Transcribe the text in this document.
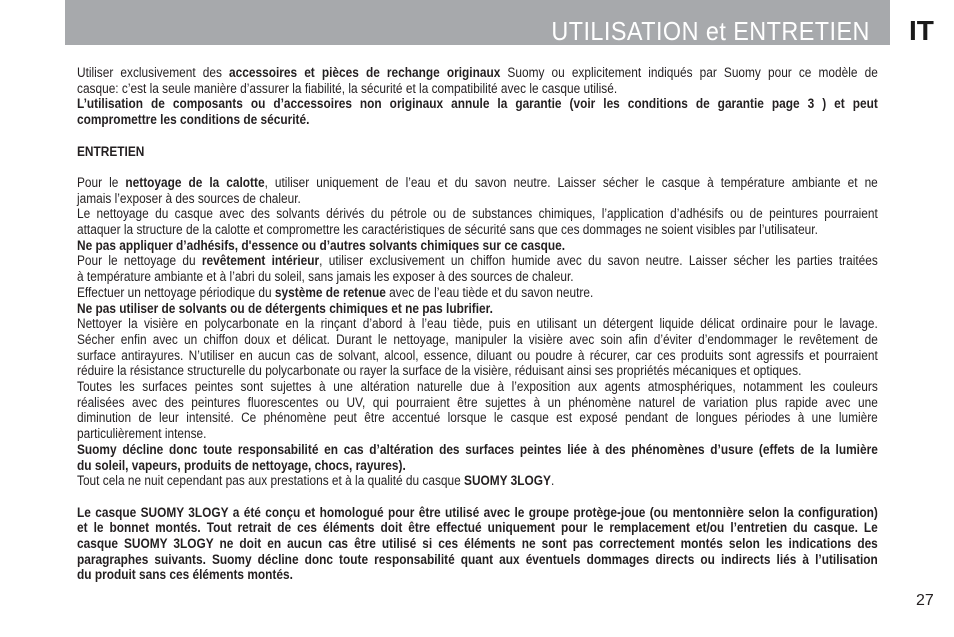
UTILISATION et ENTRETIEN IT
Utiliser exclusivement des accessoires et pièces de rechange originaux Suomy ou explicitement indiqués par Suomy pour ce modèle de
casque: c’est la seule manière d’assurer la fiabilité, la sécurité et la compatibilité avec le casque utilisé.
L’utilisation de composants ou d’accessoires non originaux annule la garantie (voir les conditions de garantie page 3 ) et peut
compromettre les conditions de sécurité.
ENTRETIEN
Pour le nettoyage de la calotte, utiliser uniquement de l’eau et du savon neutre. Laisser sécher le casque à température ambiante et ne
jamais l’exposer à des sources de chaleur.
Le nettoyage du casque avec des solvants dérivés du pétrole ou de substances chimiques, l’application d’adhésifs ou de peintures pourraient
attaquer la structure de la calotte et compromettre les caractéristiques de sécurité sans que ces dommages ne soient visibles par l’utilisateur.
Ne pas appliquer d’adhésifs, d'essence ou d’autres solvants chimiques sur ce casque.
Pour le nettoyage du revêtement intérieur, utiliser exclusivement un chiffon humide avec du savon neutre. Laisser sécher les parties traitées
à température ambiante et à l’abri du soleil, sans jamais les exposer à des sources de chaleur.
Effectuer un nettoyage périodique du système de retenue avec de l’eau tiède et du savon neutre.
Ne pas utiliser de solvants ou de détergents chimiques et ne pas lubrifier.
Nettoyer la visière en polycarbonate en la rinçant d’abord à l’eau tiède, puis en utilisant un détergent liquide délicat ordinaire pour le lavage.
Sécher enfin avec un chiffon doux et délicat. Durant le nettoyage, manipuler la visière avec soin afin d’éviter d’endommager le revêtement de
surface antirayures. N’utiliser en aucun cas de solvant, alcool, essence, diluant ou poudre à récurer, car ces produits sont agressifs et pourraient
réduire la résistance structurelle du polycarbonate ou rayer la surface de la visière, réduisant ainsi ses propriétés mécaniques et optiques.
Toutes les surfaces peintes sont sujettes à une altération naturelle due à l’exposition aux agents atmosphériques, notamment les couleurs
réalisées avec des peintures fluorescentes ou UV, qui pourraient être sujettes à un phénomène naturel de variation plus rapide avec une
diminution de leur intensité. Ce phénomène peut être accentué lorsque le casque est exposé pendant de longues périodes à une lumière
particulièrement intense.
Suomy décline donc toute responsabilité en cas d’altération des surfaces peintes liée à des phénomènes d’usure (effets de la lumière
du soleil, vapeurs, produits de nettoyage, chocs, rayures).
Tout cela ne nuit cependant pas aux prestations et à la qualité du casque SUOMY 3LOGY.
Le casque SUOMY 3LOGY a été conçu et homologué pour être utilisé avec le groupe protège-joue (ou mentonnière selon la configuration)
et le bonnet montés. Tout retrait de ces éléments doit être effectué uniquement pour le remplacement et/ou l’entretien du casque. Le
casque SUOMY 3LOGY ne doit en aucun cas être utilisé si ces éléments ne sont pas correctement montés selon les indications des
paragraphes suivants. Suomy décline donc toute responsabilité quant aux éventuels dommages directs ou indirects liés à l’utilisation
du produit sans ces éléments montés.
27
